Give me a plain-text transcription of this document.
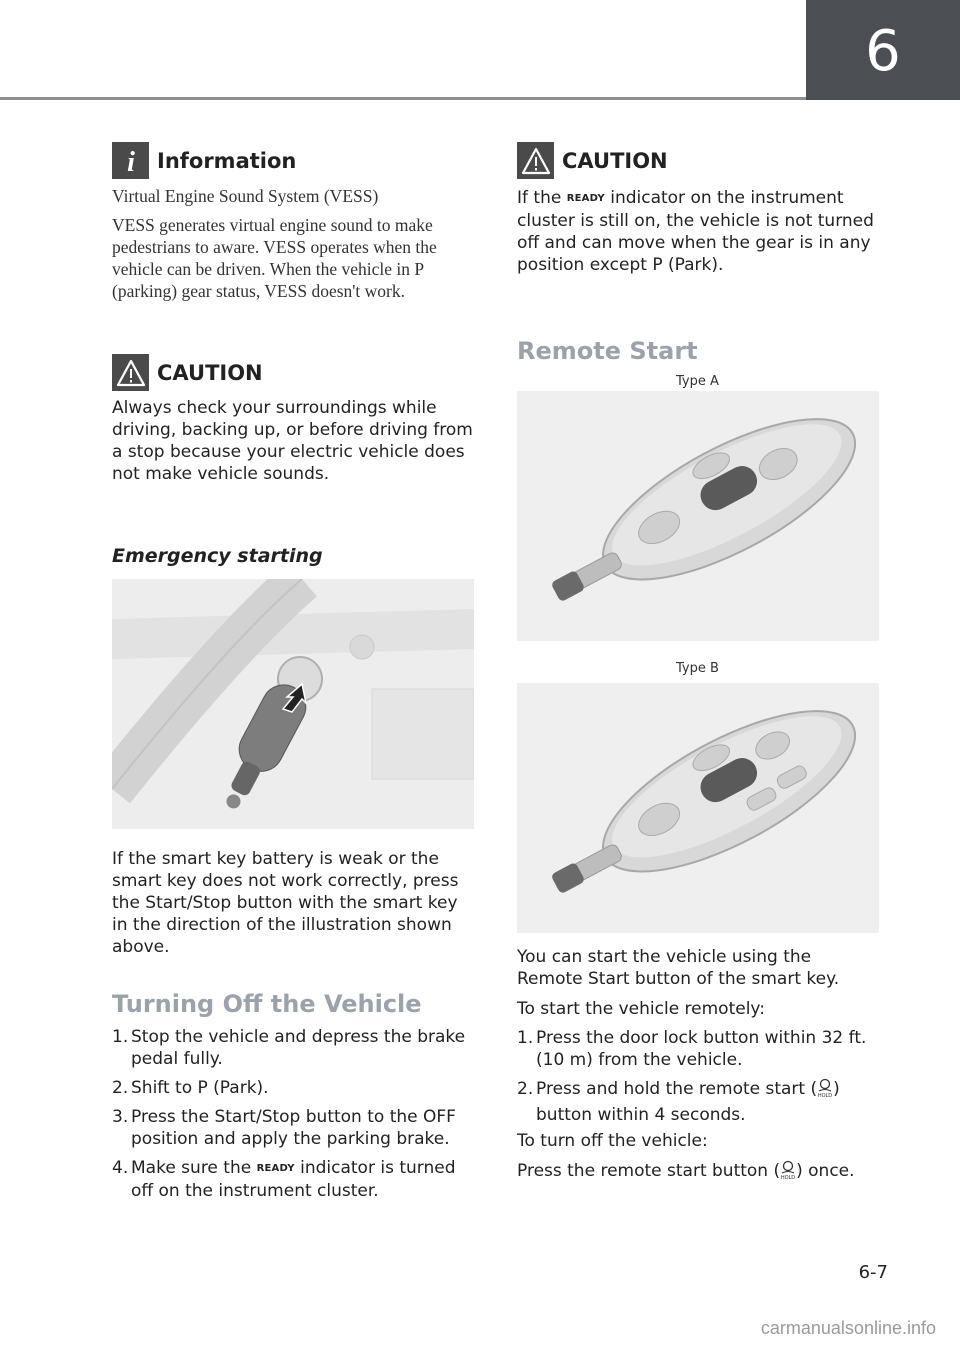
6
i Information
Virtual Engine Sound System (VESS)
VESS generates virtual engine sound to make pedestrians to aware. VESS operates when the vehicle can be driven. When the vehicle in P (parking) gear status, VESS doesn't work.
CAUTION
Always check your surroundings while driving, backing up, or before driving from a stop because your electric vehicle does not make vehicle sounds.
Emergency starting
If the smart key battery is weak or the smart key does not work correctly, press the Start/Stop button with the smart key in the direction of the illustration shown above.
Turning Off the Vehicle
1. Stop the vehicle and depress the brake pedal fully.
2. Shift to P (Park).
3. Press the Start/Stop button to the OFF position and apply the parking brake.
4. Make sure the READY indicator is turned off on the instrument cluster.
CAUTION
If the READY indicator on the instrument cluster is still on, the vehicle is not turned off and can move when the gear is in any position except P (Park).
Remote Start
Type A
Type B
You can start the vehicle using the Remote Start button of the smart key.
To start the vehicle remotely:
1. Press the door lock button within 32 ft. (10 m) from the vehicle.
2. Press and hold the remote start ( HOLD ) button within 4 seconds.
To turn off the vehicle:
Press the remote start button ( HOLD ) once.
6-7
carmanualsonline.info
